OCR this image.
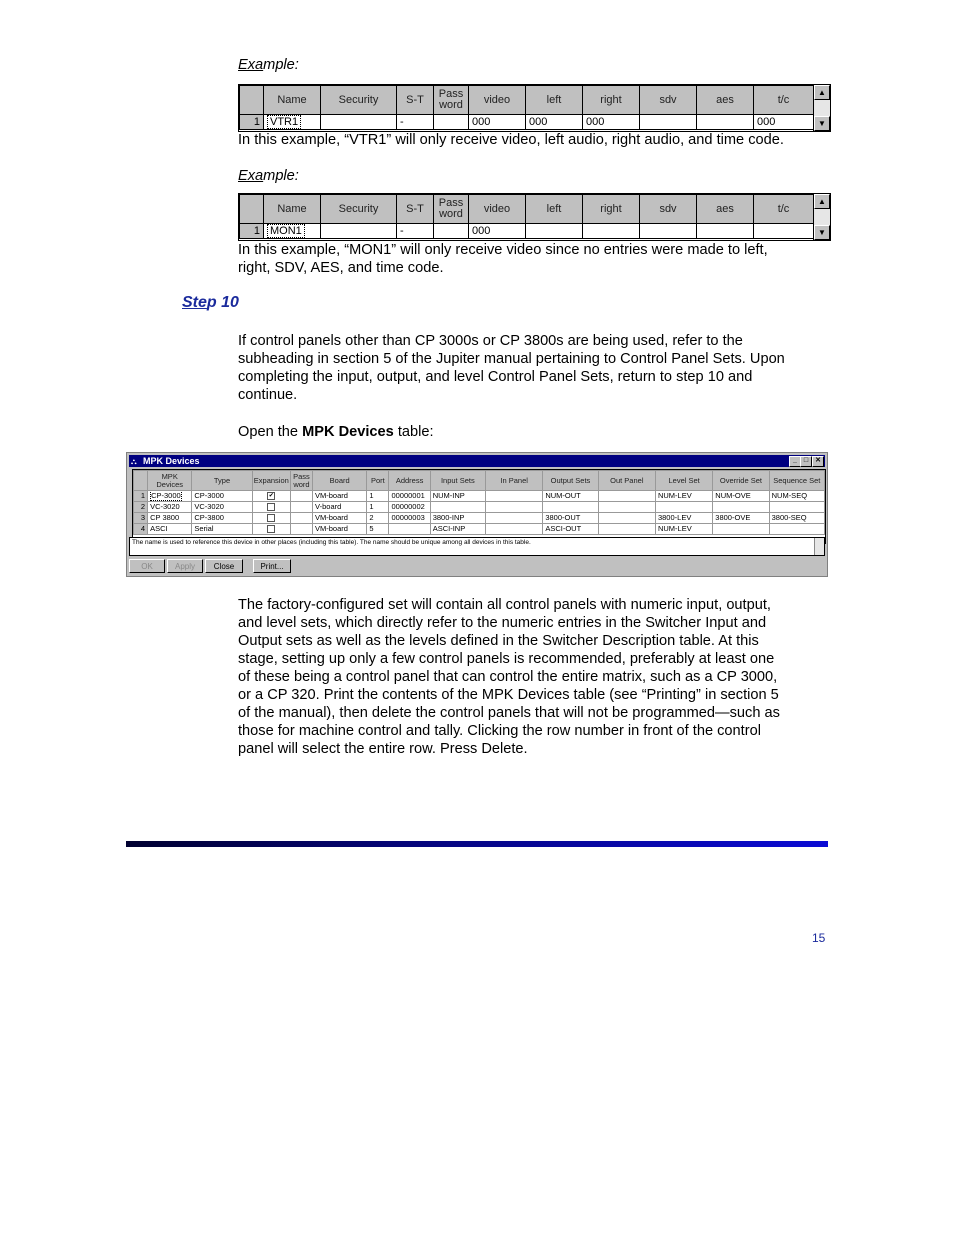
Example:
	Name	Security	S-T	Pass word	video	left	right	sdv	aes	t/c
1	VTR1		-		000	000	000			000
▲
▼
In this example, “VTR1” will only receive video, left audio, right audio, and time code.
Example:
	Name	Security	S-T	Pass word	video	left	right	sdv	aes	t/c
1	MON1		-		000					
▲
▼
In this example, “MON1” will only receive video since no entries were made to left,
right, SDV, AES, and time code.
Step 10
If control panels other than CP 3000s or CP 3800s are being used, refer to the
subheading in section 5 of the Jupiter manual pertaining to Control Panel Sets. Upon
completing the input, output, and level Control Panel Sets, return to step 10 and
continue.
Open the MPK Devices table:
⛬ MPK Devices	_ □ ✕
	MPK Devices	Type	Expansion	Pass word	Board	Port	Address	Input Sets	In Panel	Output Sets	Out Panel	Level Set	Override Set	Sequence Set
1	CP-3000	CP-3000	✔		VM-board	1	00000001	NUM-INP		NUM-OUT		NUM-LEV	NUM-OVE	NUM-SEQ
2	VC-3020	VC-3020			V-board	1	00000002							
3	CP 3800	CP-3800			VM-board	2	00000003	3800-INP		3800-OUT		3800-LEV	3800-OVE	3800-SEQ
4	ASCI	Serial			VM-board	5		ASCI-INP		ASCI-OUT		NUM-LEV		
The name is used to reference this device in other places (including this table). The name should be unique among all devices in this table.
OK	Apply	Close	Print...
The factory-configured set will contain all control panels with numeric input, output,
and level sets, which directly refer to the numeric entries in the Switcher Input and
Output sets as well as the levels defined in the Switcher Description table. At this
stage, setting up only a few control panels is recommended, preferably at least one
of these being a control panel that can control the entire matrix, such as a CP 3000,
or a CP 320. Print the contents of the MPK Devices table (see “Printing” in section 5
of the manual), then delete the control panels that will not be programmed—such as
those for machine control and tally. Clicking the row number in front of the control
panel will select the entire row. Press Delete.
15
